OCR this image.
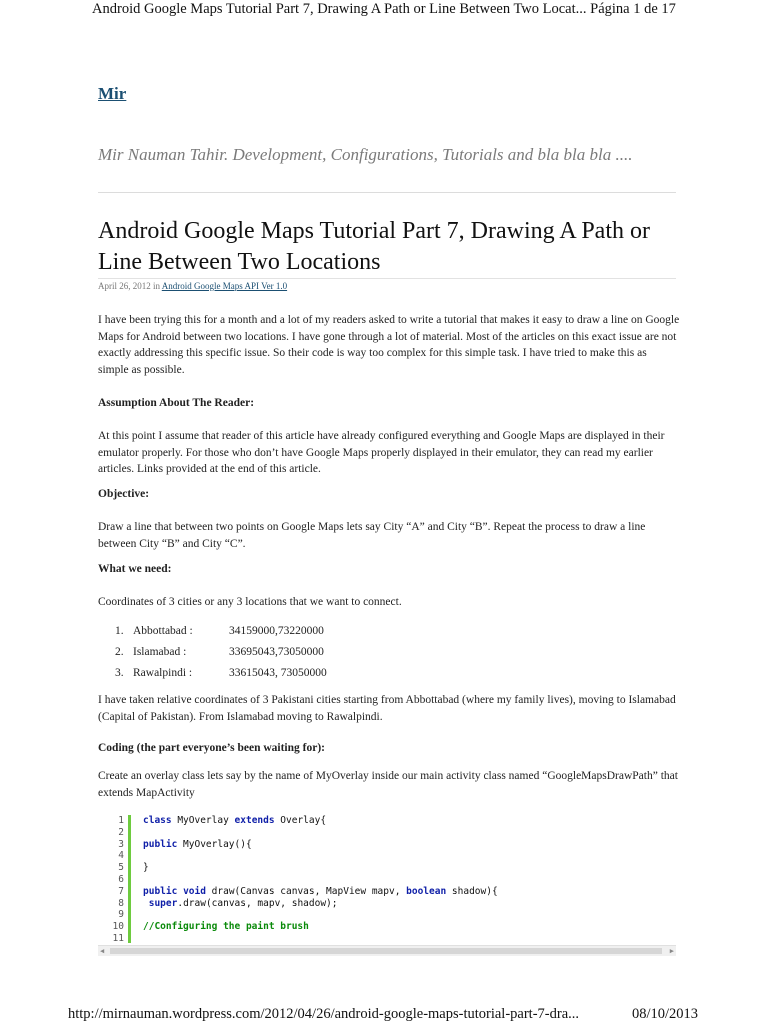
Android Google Maps Tutorial Part 7, Drawing A Path or Line Between Two Locat... Página 1 de 17
Mir
Mir Nauman Tahir. Development, Configurations, Tutorials and bla bla bla ....
Android Google Maps Tutorial Part 7, Drawing A Path or Line Between Two Locations
April 26, 2012 in Android Google Maps API Ver 1.0

I have been trying this for a month and a lot of my readers asked to write a tutorial that makes it easy to draw a line on Google Maps for Android between two locations. I have gone through a lot of material. Most of the articles on this exact issue are not exactly addressing this specific issue. So their code is way too complex for this simple task. I have tried to make this as simple as possible.

Assumption About The Reader:

At this point I assume that reader of this article have already configured everything and Google Maps are displayed in their emulator properly. For those who don’t have Google Maps properly displayed in their emulator, they can read my earlier articles. Links provided at the end of this article.

Objective:

Draw a line that between two points on Google Maps lets say City “A” and City “B”. Repeat the process to draw a line between City “B” and City “C”.

What we need:

Coordinates of 3 cities or any 3 locations that we want to connect.

1. Abbottabad :	34159000,73220000
2. Islamabad :	33695043,73050000
3. Rawalpindi :	33615043, 73050000

I have taken relative coordinates of 3 Pakistani cities starting from Abbottabad (where my family lives), moving to Islamabad (Capital of Pakistan). From Islamabad moving to Rawalpindi.

Coding (the part everyone’s been waiting for):

Create an overlay class lets say by the name of MyOverlay inside our main activity class named “GoogleMapsDrawPath” that extends MapActivity

1
2
3
4
5
6
7
8
9
10
11
class MyOverlay extends Overlay{

public MyOverlay(){

}

public void draw(Canvas canvas, MapView mapv, boolean shadow){
super.draw(canvas, mapv, shadow);

//Configuring the paint brush

◀	▶
http://mirnauman.wordpress.com/2012/04/26/android-google-maps-tutorial-part-7-dra...	08/10/2013
